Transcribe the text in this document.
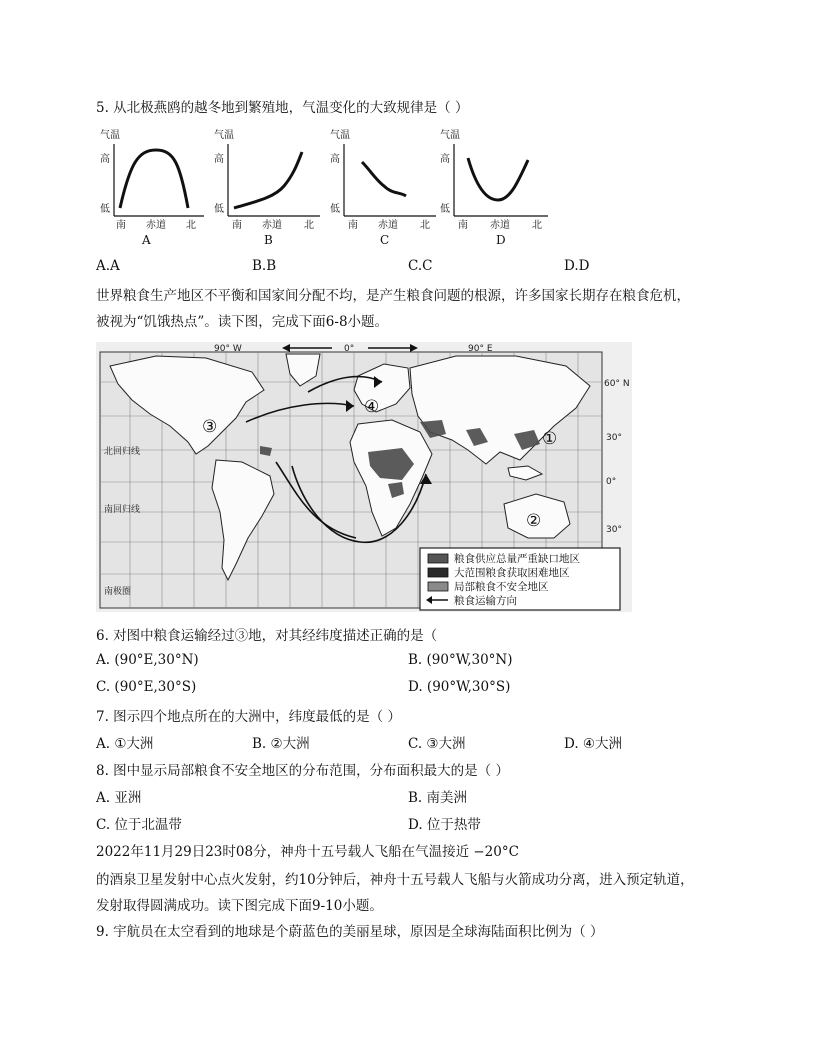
5. 从北极燕鸥的越冬地到繁殖地，气温变化的大致规律是（ ）
气温
高
低
南 赤道 北
A
气温
高
低
南 赤道 北
B
气温
高
低
南 赤道 北
C
气温
高
低
南 赤道 北
D
A.A	B.B	C.C	D.D
世界粮食生产地区不平衡和国家间分配不均，是产生粮食问题的根源，许多国家长期存在粮食危机，
被视为“饥饿热点”。读下图，完成下面6-8小题。
90° W	0°	90° E
60° N
30°
0°
30°
北回归线
南回归线
南极圈
①
②
③
④
粮食供应总量严重缺口地区
大范围粮食获取困难地区
局部粮食不安全地区
粮食运输方向
6. 对图中粮食运输经过③地，对其经纬度描述正确的是（
A. (90°E,30°N)	B. (90°W,30°N)
C. (90°E,30°S)	D. (90°W,30°S)
7. 图示四个地点所在的大洲中，纬度最低的是（ ）
A. ①大洲	B. ②大洲	C. ③大洲	D. ④大洲
8. 图中显示局部粮食不安全地区的分布范围，分布面积最大的是（ ）
A. 亚洲	B. 南美洲
C. 位于北温带	D. 位于热带
2022年11月29日23时08分，神舟十五号载人飞船在气温接近 −20°C
的酒泉卫星发射中心点火发射，约10分钟后，神舟十五号载人飞船与火箭成功分离，进入预定轨道，
发射取得圆满成功。读下图完成下面9-10小题。
9. 宇航员在太空看到的地球是个蔚蓝色的美丽星球，原因是全球海陆面积比例为（ ）
